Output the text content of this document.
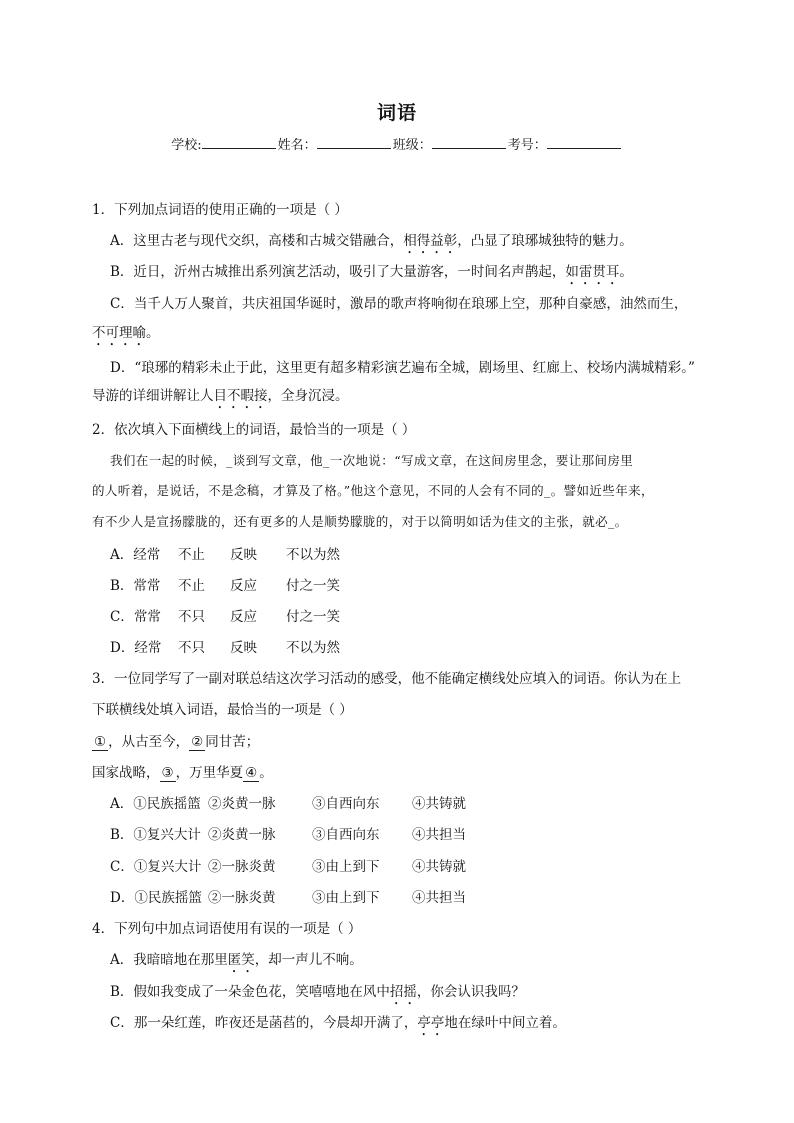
词语
学校:	姓名：	班级：	考号：
1．下列加点词语的使用正确的一项是（ ）
A．这里古老与现代交织，高楼和古城交错融合，相得益彰，凸显了琅琊城独特的魅力。
B．近日，沂州古城推出系列演艺活动，吸引了大量游客，一时间名声鹊起，如雷贯耳。
C．当千人万人聚首，共庆祖国华诞时，激昂的歌声将响彻在琅琊上空，那种自豪感，油然而生，
不可理喻。
D．“琅琊的精彩未止于此，这里更有超多精彩演艺遍布全城，剧场里、红廊上、校场内满城精彩。”
导游的详细讲解让人目不暇接，全身沉浸。
2．依次填入下面横线上的词语，最恰当的一项是（ ）
我们在一起的时候，_谈到写文章，他_一次地说：“写成文章，在这间房里念，要让那间房里
的人听着，是说话，不是念稿，才算及了格。”他这个意见，不同的人会有不同的_。譬如近些年来，
有不少人是宣扬朦胧的，还有更多的人是顺势朦胧的，对于以简明如话为佳文的主张，就必_。
A．经常 不止 反映 不以为然
B．常常 不止 反应 付之一笑
C．常常 不只 反应 付之一笑
D．经常 不只 反映 不以为然
3．一位同学写了一副对联总结这次学习活动的感受，他不能确定横线处应填入的词语。你认为在上
下联横线处填入词语，最恰当的一项是（ ）
① ，从古至今， ② 同甘苦；
国家战略， ③ ，万里华夏 ④ 。
A．①民族摇篮 ②炎黄一脉	③自西向东 ④共铸就
B．①复兴大计 ②炎黄一脉	③自西向东 ④共担当
C．①复兴大计 ②一脉炎黄	③由上到下 ④共铸就
D．①民族摇篮 ②一脉炎黄	③由上到下 ④共担当
4．下列句中加点词语使用有误的一项是（ ）
A．我暗暗地在那里匿笑，却一声儿不响。
B．假如我变成了一朵金色花，笑嘻嘻地在风中招摇，你会认识我吗？
C．那一朵红莲，昨夜还是菡萏的，今晨却开满了，亭亭地在绿叶中间立着。
